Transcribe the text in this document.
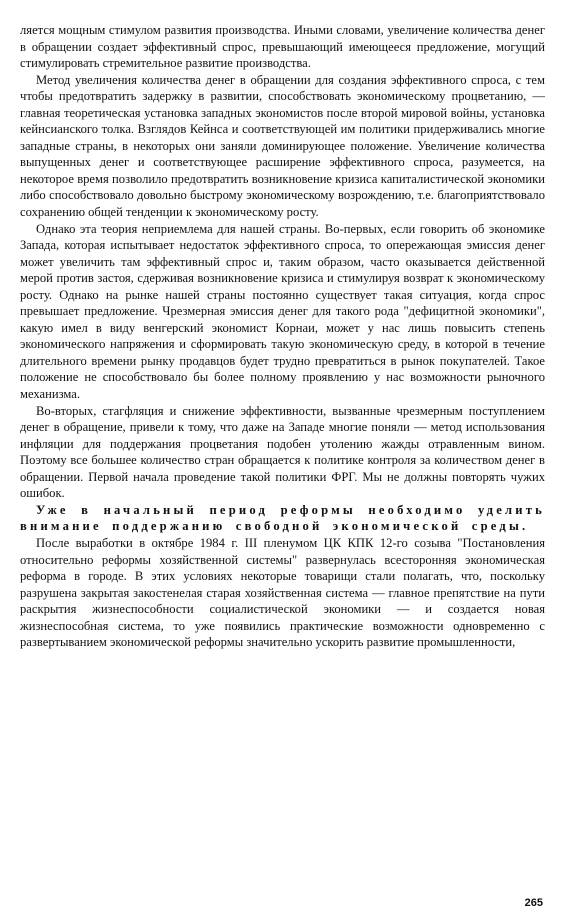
ляется мощным стимулом развития производства. Иными словами, увеличение количества денег в обращении создает эффективный спрос, превышающий имеющееся предложение, могущий стимулировать стремительное развитие производства.

Метод увеличения количества денег в обращении для создания эффективного спроса, с тем чтобы предотвратить задержку в развитии, способствовать экономическому процветанию, — главная теоретическая установка западных экономистов после второй мировой войны, установка кейнсианского толка. Взглядов Кейнса и соответствующей им политики придерживались многие западные страны, в некоторых они заняли доминирующее положение. Увеличение количества выпущенных денег и соответствующее расширение эффективного спроса, разумеется, на некоторое время позволило предотвратить возникновение кризиса капиталистической экономики либо способствовало довольно быстрому экономическому возрождению, т.е. благоприятствовало сохранению общей тенденции к экономическому росту.

Однако эта теория неприемлема для нашей страны. Во-первых, если говорить об экономике Запада, которая испытывает недостаток эффективного спроса, то опережающая эмиссия денег может увеличить там эффективный спрос и, таким образом, часто оказывается действенной мерой против застоя, сдерживая возникновение кризиса и стимулируя возврат к экономическому росту. Однако на рынке нашей страны постоянно существует такая ситуация, когда спрос превышает предложение. Чрезмерная эмиссия денег для такого рода "дефицитной экономики", какую имел в виду венгерский экономист Корнаи, может у нас лишь повысить степень экономического напряжения и сформировать такую экономическую среду, в которой в течение длительного времени рынку продавцов будет трудно превратиться в рынок покупателей. Такое положение не способствовало бы более полному проявлению у нас возможности рыночного механизма.

Во-вторых, стагфляция и снижение эффективности, вызванные чрезмерным поступлением денег в обращение, привели к тому, что даже на Западе многие поняли — метод использования инфляции для поддержания процветания подобен утолению жажды отравленным вином. Поэтому все большее количество стран обращается к политике контроля за количеством денег в обращении. Первой начала проведение такой политики ФРГ. Мы не должны повторять чужих ошибок.

Уже в начальный период реформы необходимо уделить внимание поддержанию свободной экономической среды.

После выработки в октябре 1984 г. III пленумом ЦК КПК 12-го созыва "Постановления относительно реформы хозяйственной системы" развернулась всесторонняя экономическая реформа в городе. В этих условиях некоторые товарищи стали полагать, что, поскольку разрушена закрытая закостенелая старая хозяйственная система — главное препятствие на пути раскрытия жизнеспособности социалистической экономики — и создается новая жизнеспособная система, то уже появились практические возможности одновременно с развертыванием экономической реформы значительно ускорить развитие промышленности,

265
